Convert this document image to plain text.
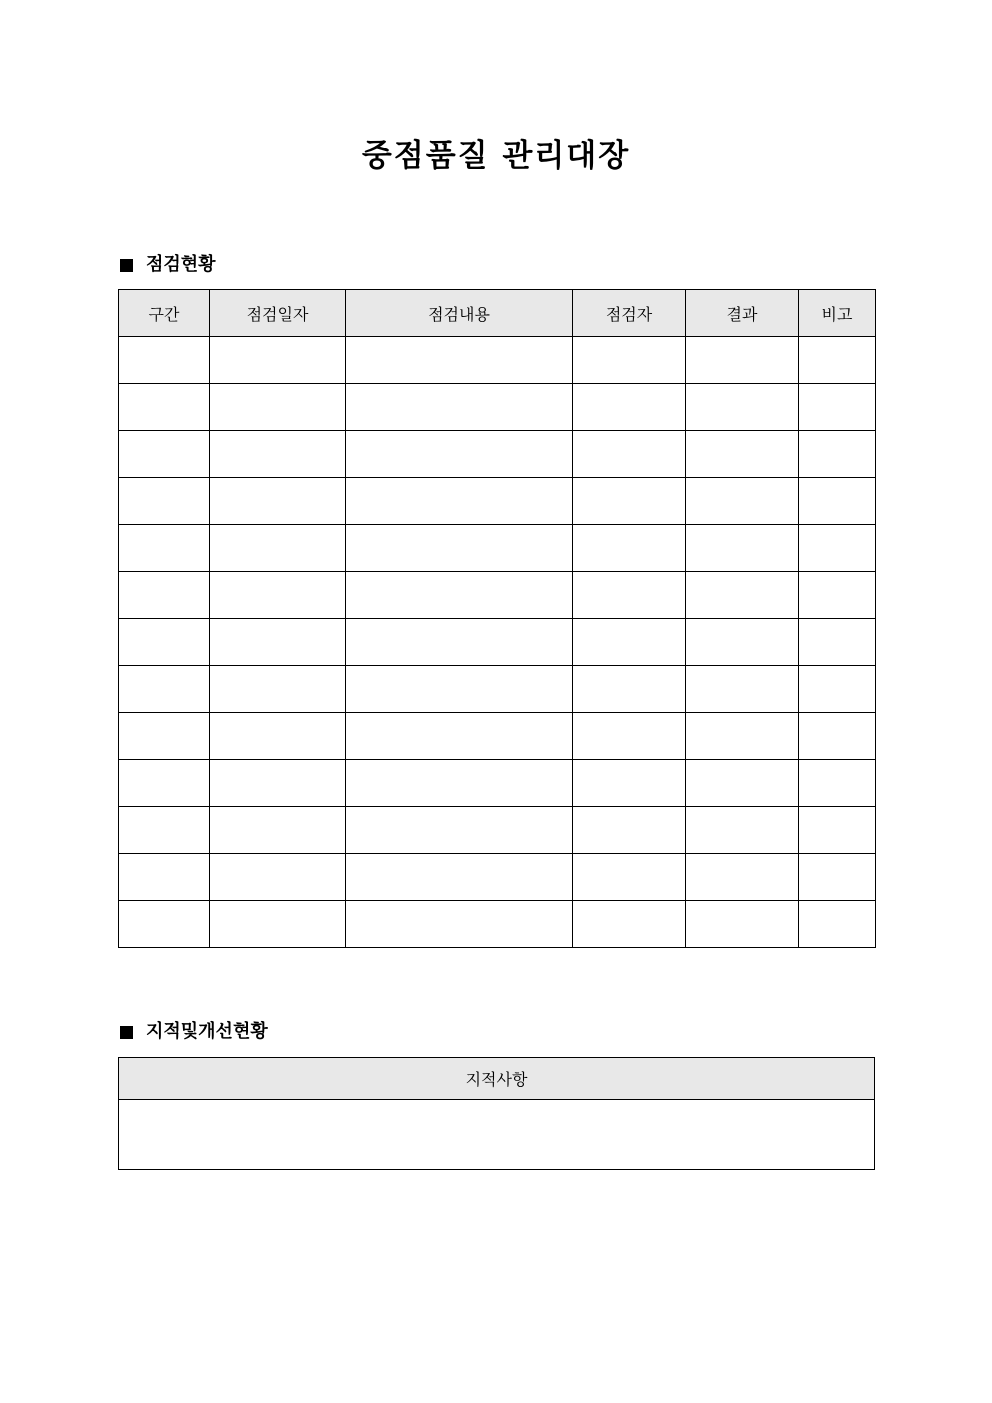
중점품질 관리대장
점검현황
구간	점검일자	점검내용	점검자	결과	비고

지적및개선현황
지적사항
